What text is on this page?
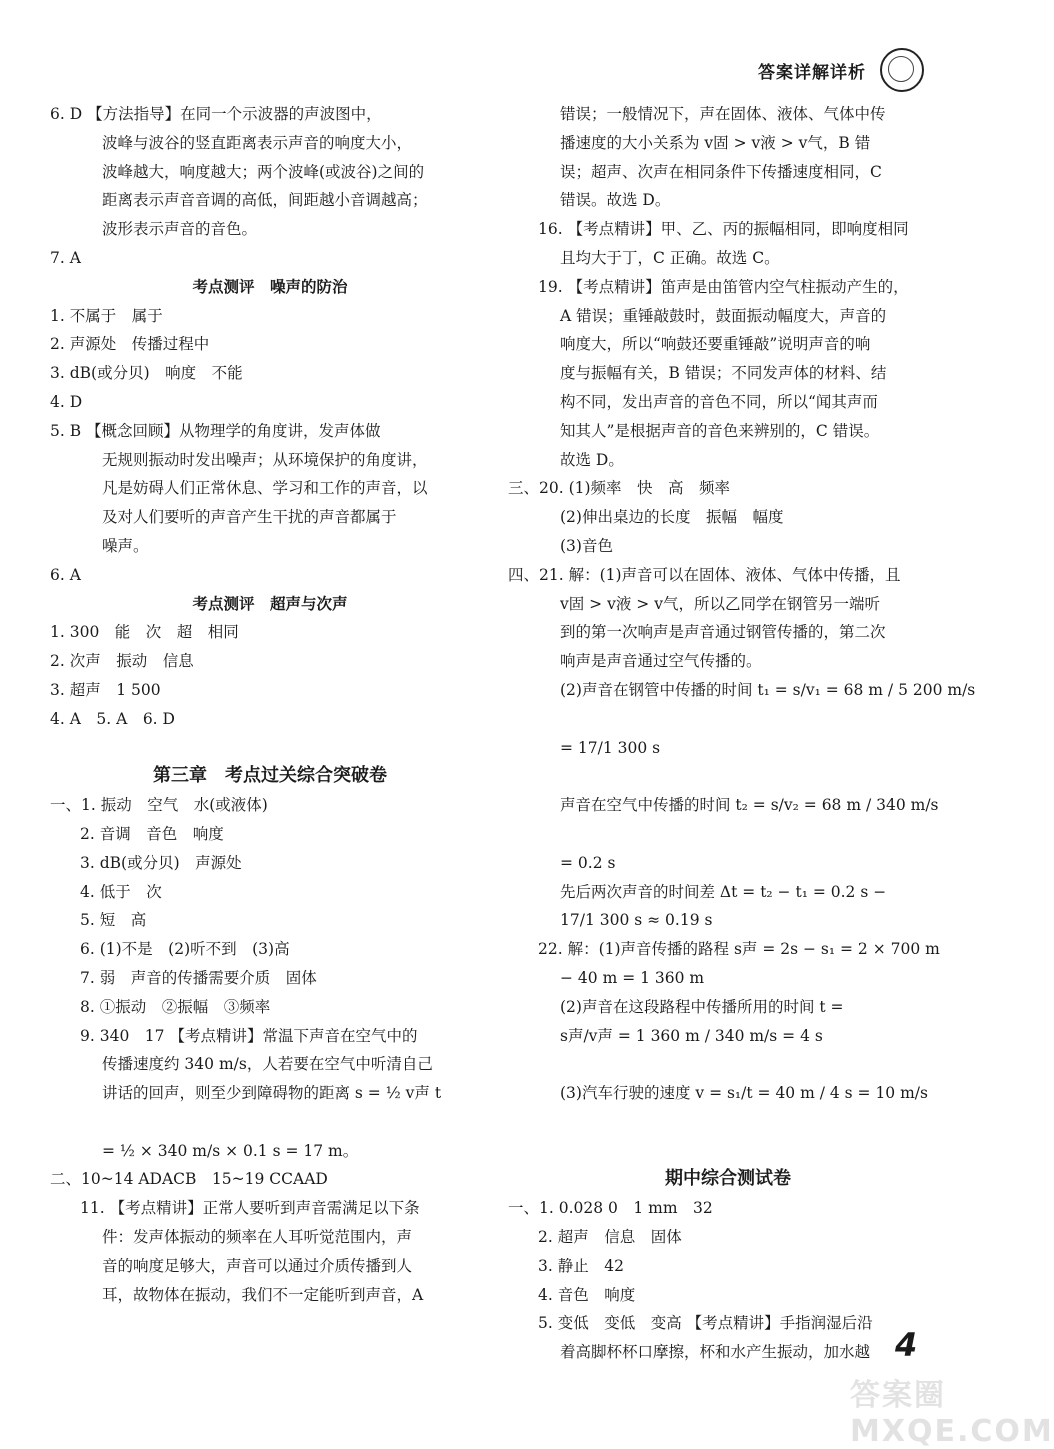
答案详解详析
6. D 【方法指导】在同一个示波器的声波图中，
波峰与波谷的竖直距离表示声音的响度大小，
波峰越大，响度越大；两个波峰(或波谷)之间的
距离表示声音音调的高低，间距越小音调越高；
波形表示声音的音色。
7. A
考点测评　噪声的防治
1. 不属于　属于
2. 声源处　传播过程中
3. dB(或分贝)　响度　不能
4. D
5. B 【概念回顾】从物理学的角度讲，发声体做
无规则振动时发出噪声；从环境保护的角度讲，
凡是妨碍人们正常休息、学习和工作的声音，以
及对人们要听的声音产生干扰的声音都属于
噪声。
6. A
考点测评　超声与次声
1. 300　能　次　超　相同
2. 次声　振动　信息
3. 超声　1 500
4. A　5. A　6. D
第三章　考点过关综合突破卷
一、1. 振动　空气　水(或液体)
2. 音调　音色　响度
3. dB(或分贝)　声源处
4. 低于　次
5. 短　高
6. (1)不是　(2)听不到　(3)高
7. 弱　声音的传播需要介质　固体
8. ①振动　②振幅　③频率
9. 340　17 【考点精讲】常温下声音在空气中的
传播速度约 340 m/s，人若要在空气中听清自己
讲话的回声，则至少到障碍物的距离 s = ½ v声 t
= ½ × 340 m/s × 0.1 s = 17 m。
二、10~14 ADACB　15~19 CCAAD
11. 【考点精讲】正常人要听到声音需满足以下条
件：发声体振动的频率在人耳听觉范围内，声
音的响度足够大，声音可以通过介质传播到人
耳，故物体在振动，我们不一定能听到声音，A
错误；一般情况下，声在固体、液体、气体中传
播速度的大小关系为 v固 > v液 > v气，B 错
误；超声、次声在相同条件下传播速度相同，C
错误。故选 D。
16. 【考点精讲】甲、乙、丙的振幅相同，即响度相同
且均大于丁，C 正确。故选 C。
19. 【考点精讲】笛声是由笛管内空气柱振动产生的，
A 错误；重锤敲鼓时，鼓面振动幅度大，声音的
响度大，所以“响鼓还要重锤敲”说明声音的响
度与振幅有关，B 错误；不同发声体的材料、结
构不同，发出声音的音色不同，所以“闻其声而
知其人”是根据声音的音色来辨别的，C 错误。
故选 D。
三、20. (1)频率　快　高　频率
(2)伸出桌边的长度　振幅　幅度
(3)音色
四、21. 解：(1)声音可以在固体、液体、气体中传播，且
v固 > v液 > v气，所以乙同学在钢管另一端听
到的第一次响声是声音通过钢管传播的，第二次
响声是声音通过空气传播的。
(2)声音在钢管中传播的时间 t₁ = s/v₁ = 68 m / 5 200 m/s
= 17/1 300 s
声音在空气中传播的时间 t₂ = s/v₂ = 68 m / 340 m/s
= 0.2 s
先后两次声音的时间差 Δt = t₂ − t₁ = 0.2 s −
17/1 300 s ≈ 0.19 s
22. 解：(1)声音传播的路程 s声 = 2s − s₁ = 2 × 700 m
− 40 m = 1 360 m
(2)声音在这段路程中传播所用的时间 t =
s声/v声 = 1 360 m / 340 m/s = 4 s
(3)汽车行驶的速度 v = s₁/t = 40 m / 4 s = 10 m/s
期中综合测试卷
一、1. 0.028 0　1 mm　32
2. 超声　信息　固体
3. 静止　42
4. 音色　响度
5. 变低　变低　变高 【考点精讲】手指润湿后沿
着高脚杯杯口摩擦，杯和水产生振动，加水越 4
答案圈 MXQE.COM
